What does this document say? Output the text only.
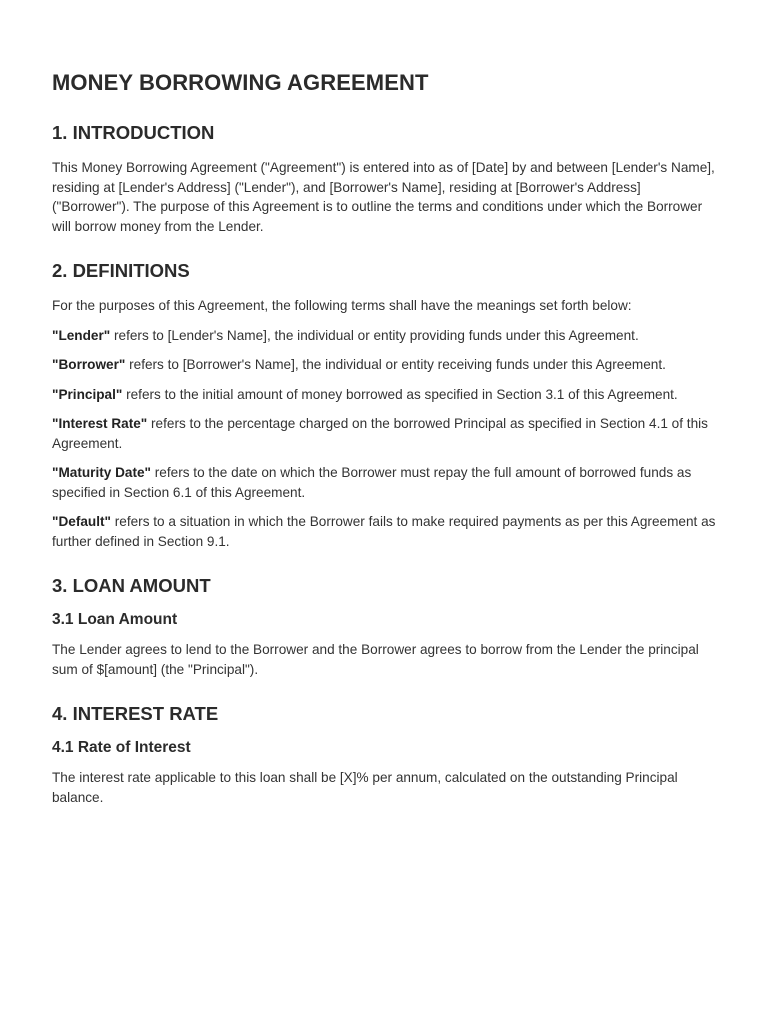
MONEY BORROWING AGREEMENT
1. INTRODUCTION

This Money Borrowing Agreement ("Agreement") is entered into as of [Date] by and between [Lender's Name], residing at [Lender's Address] ("Lender"), and [Borrower's Name], residing at [Borrower's Address] ("Borrower"). The purpose of this Agreement is to outline the terms and conditions under which the Borrower will borrow money from the Lender.

2. DEFINITIONS

For the purposes of this Agreement, the following terms shall have the meanings set forth below:

"Lender" refers to [Lender's Name], the individual or entity providing funds under this Agreement.

"Borrower" refers to [Borrower's Name], the individual or entity receiving funds under this Agreement.

"Principal" refers to the initial amount of money borrowed as specified in Section 3.1 of this Agreement.

"Interest Rate" refers to the percentage charged on the borrowed Principal as specified in Section 4.1 of this Agreement.

"Maturity Date" refers to the date on which the Borrower must repay the full amount of borrowed funds as specified in Section 6.1 of this Agreement.

"Default" refers to a situation in which the Borrower fails to make required payments as per this Agreement as further defined in Section 9.1.

3. LOAN AMOUNT
3.1 Loan Amount

The Lender agrees to lend to the Borrower and the Borrower agrees to borrow from the Lender the principal sum of $[amount] (the "Principal").

4. INTEREST RATE
4.1 Rate of Interest

The interest rate applicable to this loan shall be [X]% per annum, calculated on the outstanding Principal balance.
